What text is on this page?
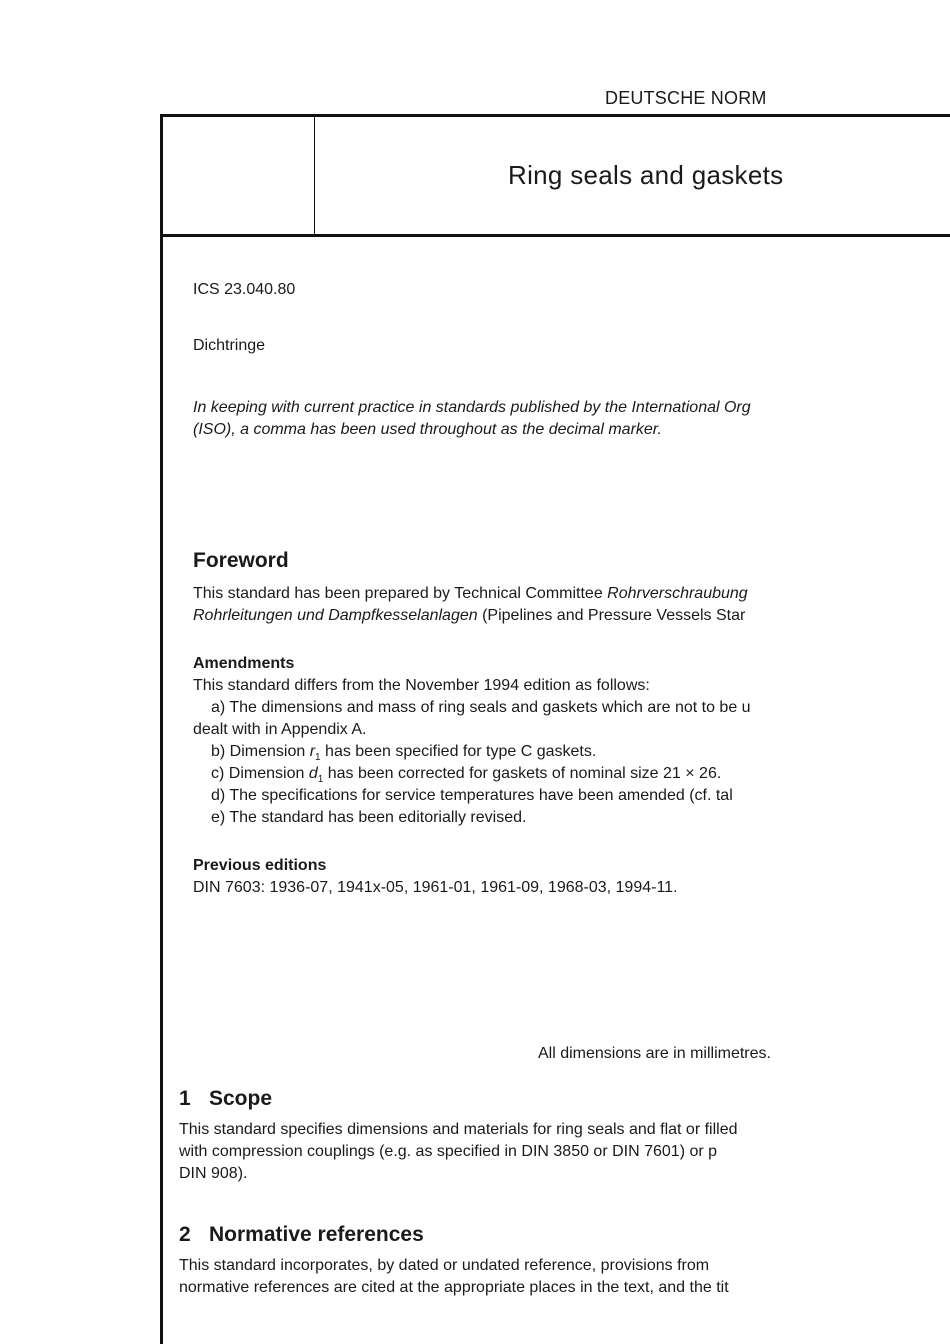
DEUTSCHE NORM
Ring seals and gaskets
ICS 23.040.80
Dichtringe
In keeping with current practice in standards published by the International Org
(ISO), a comma has been used throughout as the decimal marker.
Foreword
This standard has been prepared by Technical Committee Rohrverschraubung
Rohrleitungen und Dampfkesselanlagen (Pipelines and Pressure Vessels Star
Amendments
This standard differs from the November 1994 edition as follows:
a) The dimensions and mass of ring seals and gaskets which are not to be u
dealt with in Appendix A.
b) Dimension $r_1$ has been specified for type C gaskets.
c) Dimension $d_1$ has been corrected for gaskets of nominal size 21 × 26.
d) The specifications for service temperatures have been amended (cf. tal
e) The standard has been editorially revised.
Previous editions
DIN 7603: 1936-07, 1941x-05, 1961-01, 1961-09, 1968-03, 1994-11.
All dimensions are in millimetres.
1 Scope
This standard specifies dimensions and materials for ring seals and flat or filled
with compression couplings (e.g. as specified in DIN 3850 or DIN 7601) or p
DIN 908).
2 Normative references
This standard incorporates, by dated or undated reference, provisions from
normative references are cited at the appropriate places in the text, and the tit
